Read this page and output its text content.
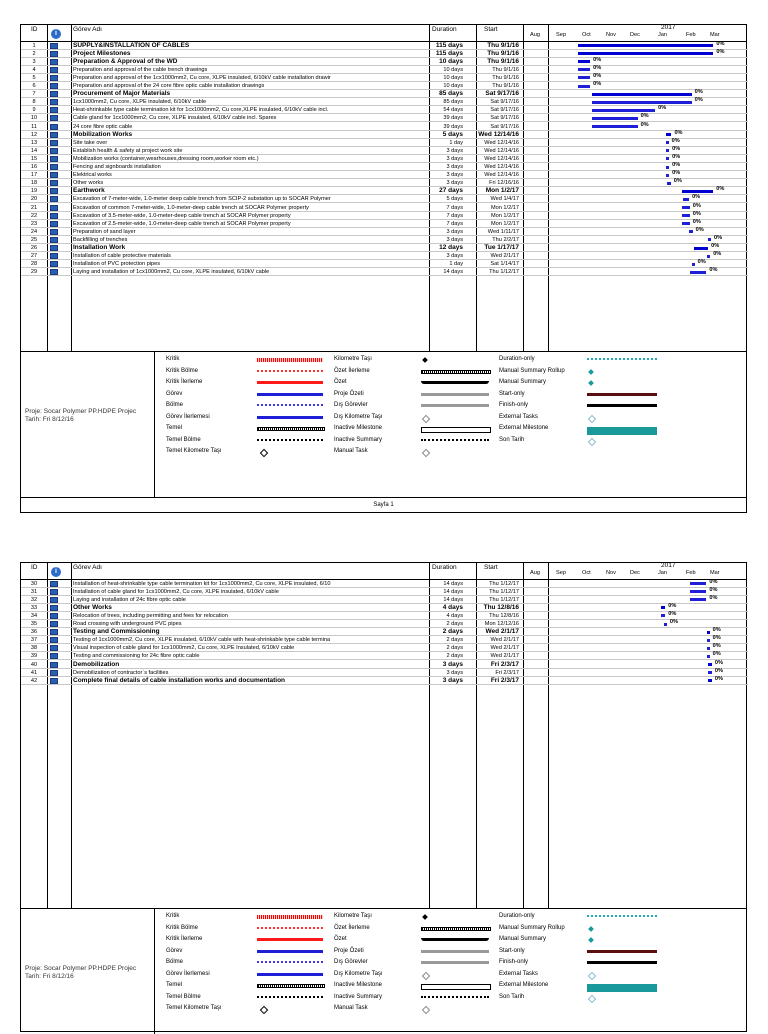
ID
i
Görev Adı	Duration	Start	2017
Aug	Sep	Oct	Nov	Dec	Jan	Feb	Mar
1	SUPPLY&INSTALLATION OF CABLES	115 days	Thu 9/1/16	0%
2	Project Milestones	115 days	Thu 9/1/16	0%
3	Preparation & Approval of the WD	10 days	Thu 9/1/16	0%
4	Preparation and approval of the cable trench drawings	10 days	Thu 9/1/16	0%
5	Preparation and approval of the 1cx1000mm2, Cu core, XLPE insulated, 6/10kV cable installation drawir	10 days	Thu 9/1/16	0%
6	Preparation and approval of the 24 core fibre optic cable installation drawings	10 days	Thu 9/1/16	0%
7	Procurement of Major Materials	85 days	Sat 9/17/16	0%
8	1cx1000mm2, Cu core, XLPE insulated, 6/10kV cable	85 days	Sat 9/17/16	0%
9	Heat-shrinkable type cable termination kit for 1cx1000mm2, Cu core,XLPE insulated, 6/10kV cable incl.	54 days	Sat 9/17/16	0%
10	Cable gland for 1cx1000mm2, Cu core, XLPE insulated, 6/10kV cable incl. Spares	39 days	Sat 9/17/16	0%
11	24 core fibre optic cable	39 days	Sat 9/17/16	0%
12	Mobilization Works	5 days	Wed 12/14/16	0%
13	Site take over	1 day	Wed 12/14/16	0%
14	Establish health & safety at project work site	3 days	Wed 12/14/16	0%
15	Mobilization works (container,wearhouses,dressing room,worker room etc.)	3 days	Wed 12/14/16	0%
16	Fencing and signboards installation	3 days	Wed 12/14/16	0%
17	Elektrical works	3 days	Wed 12/14/16	0%
18	Other works	3 days	Fri 12/16/16	0%
19	Earthwork	27 days	Mon 1/2/17	0%
20	Excavation of 7-meter-wide, 1.0-meter deep cable trench from SCIP-2 substation up to SOCAR Polymer	5 days	Wed 1/4/17	0%
21	Excavation of common 7-meter-wide, 1.0-meter-deep cable trench at SOCAR Polymer property	7 days	Mon 1/2/17	0%
22	Excavation of 3.5-meter-wide, 1.0-meter-deep cable trench at SOCAR Polymer property	7 days	Mon 1/2/17	0%
23	Excavation of 2.5-meter-wide, 1.0-meter-deep cable trench at SOCAR Polymer property	7 days	Mon 1/2/17	0%
24	Preparation of sand layer	3 days	Wed 1/11/17	0%
25	Backfilling of trenches	3 days	Thu 2/2/17	0%
26	Installation Work	12 days	Tue 1/17/17	0%
27	Installation of cable protective materials	3 days	Wed 2/1/17	0%
28	Installation of PVC protection pipes	1 day	Sat 1/14/17	0%
29	Laying and installation of 1cx1000mm2, Cu core, XLPE insulated, 6/10kV cable	14 days	Thu 1/12/17	0%
Proje: Socar Polymer PP.HDPE Projec
Tarih: Fri 8/12/16
Kritik
Kritik Bölme
Kritik İlerleme
Görev
Bölme
Görev İlerlemesi
Temel
Temel Bölme
Temel Kilometre Taşı
Kilometre Taşı
Özet İlerleme
Özet
Proje Özeti
Dış Görevler
Dış Kilometre Taşı
Inactive Milestone
Inactive Summary
Manual Task
Duration-only
Manual Summary Rollup
Manual Summary
Start-only
Finish-only
External Tasks
External Milestone
Son Tarih
Sayfa 1
ID
i
Görev Adı	Duration	Start	2017
Aug	Sep	Oct	Nov	Dec	Jan	Feb	Mar
30	Installation of heat-shrinkable type cable termination kit for 1cx1000mm2, Cu core, XLPE insulated, 6/10	14 days	Thu 1/12/17	0%
31	Installation of cable gland for 1cx1000mm2, Cu core, XLPE insulated, 6/10kV cable	14 days	Thu 1/12/17	0%
32	Laying and installation of 24c fibre optic cable	14 days	Thu 1/12/17	0%
33	Other Works	4 days	Thu 12/8/16	0%
34	Relocation of trees, including permitting and fees for relocation	4 days	Thu 12/8/16	0%
35	Road crossing with underground PVC pipes	2 days	Mon 12/12/16	0%
36	Testing and Commissioning	2 days	Wed 2/1/17	0%
37	Testing of 1cx1000mm2, Cu core, XLPE insulated, 6/10kV cable with heat-shrinkable type cable termina	2 days	Wed 2/1/17	0%
38	Visual inspection of cable gland for 1cx1000mm2, Cu core, XLPE Insulated, 6/10kV cable	2 days	Wed 2/1/17	0%
39	Testing and commissioning for 24c fibre optic cable	2 days	Wed 2/1/17	0%
40	Demobilization	3 days	Fri 2/3/17	0%
41	Demobilization of contractor`s facilities	3 days	Fri 2/3/17	0%
42	Complete final details of cable installation works and documentation	3 days	Fri 2/3/17	0%
Proje: Socar Polymer PP.HDPE Projec
Tarih: Fri 8/12/16
Kritik
Kritik Bölme
Kritik İlerleme
Görev
Bölme
Görev İlerlemesi
Temel
Temel Bölme
Temel Kilometre Taşı
Kilometre Taşı
Özet İlerleme
Özet
Proje Özeti
Dış Görevler
Dış Kilometre Taşı
Inactive Milestone
Inactive Summary
Manual Task
Duration-only
Manual Summary Rollup
Manual Summary
Start-only
Finish-only
External Tasks
External Milestone
Son Tarih
